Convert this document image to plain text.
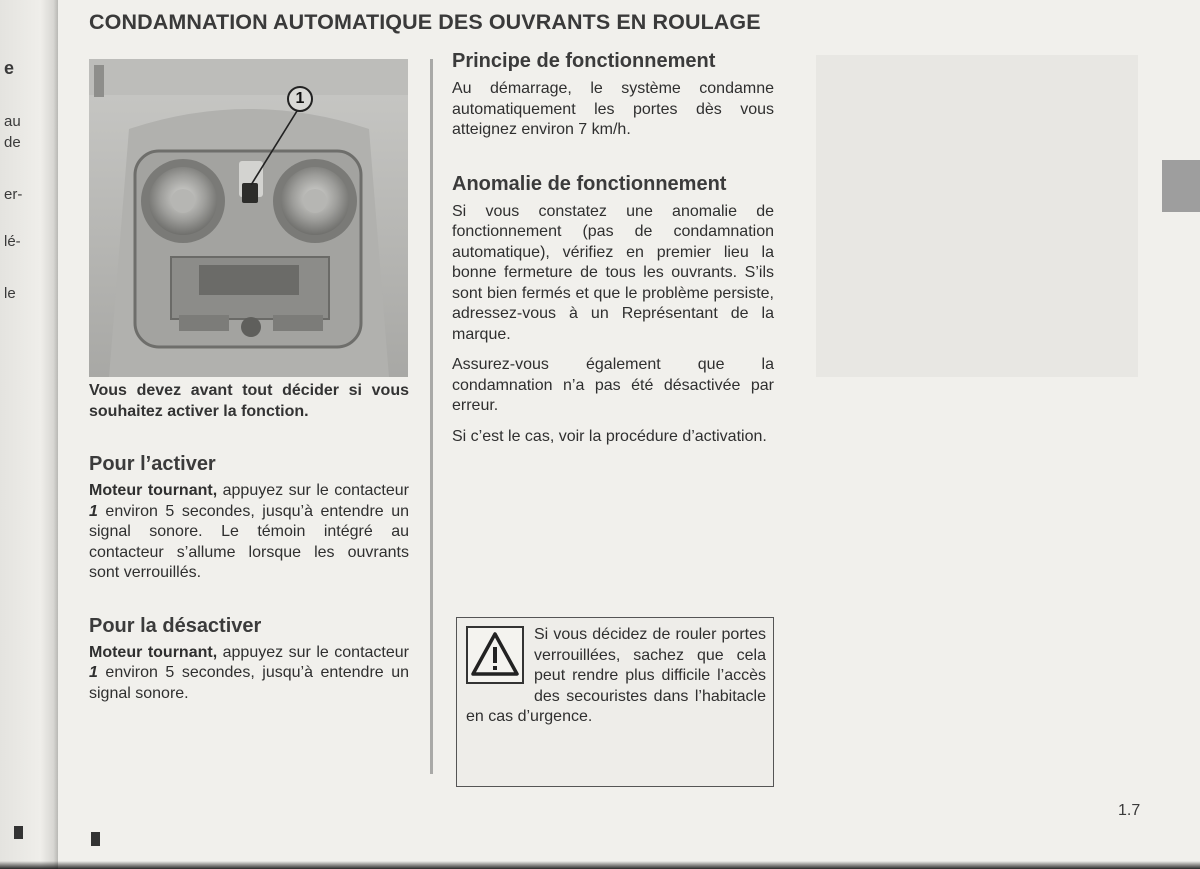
e
au
de
er-
lé-
le
CONDAMNATION AUTOMATIQUE DES OUVRANTS EN ROULAGE
1

Vous devez avant tout décider si vous souhaitez activer la fonction.

Pour l’activer

Moteur tournant, appuyez sur le contacteur 1 environ 5 secondes, jusqu’à entendre un signal sonore. Le témoin intégré au contacteur s’allume lorsque les ouvrants sont verrouillés.

Pour la désactiver

Moteur tournant, appuyez sur le contacteur 1 environ 5 secondes, jusqu’à entendre un signal sonore.

Principe de fonctionnement

Au démarrage, le système condamne automatiquement les portes dès vous atteignez environ 7 km/h.

Anomalie de fonctionnement

Si vous constatez une anomalie de fonctionnement (pas de condamnation automatique), vérifiez en premier lieu la bonne fermeture de tous les ouvrants. S’ils sont bien fermés et que le problème persiste, adressez-vous à un Représentant de la marque.

Assurez-vous également que la condamnation n’a pas été désactivée par erreur.

Si c’est le cas, voir la procédure d’activation.

Si vous décidez de rouler portes verrouillées, sachez que cela peut rendre plus difficile l’accès des secouristes dans l’habitacle en cas d’urgence.
1.7
